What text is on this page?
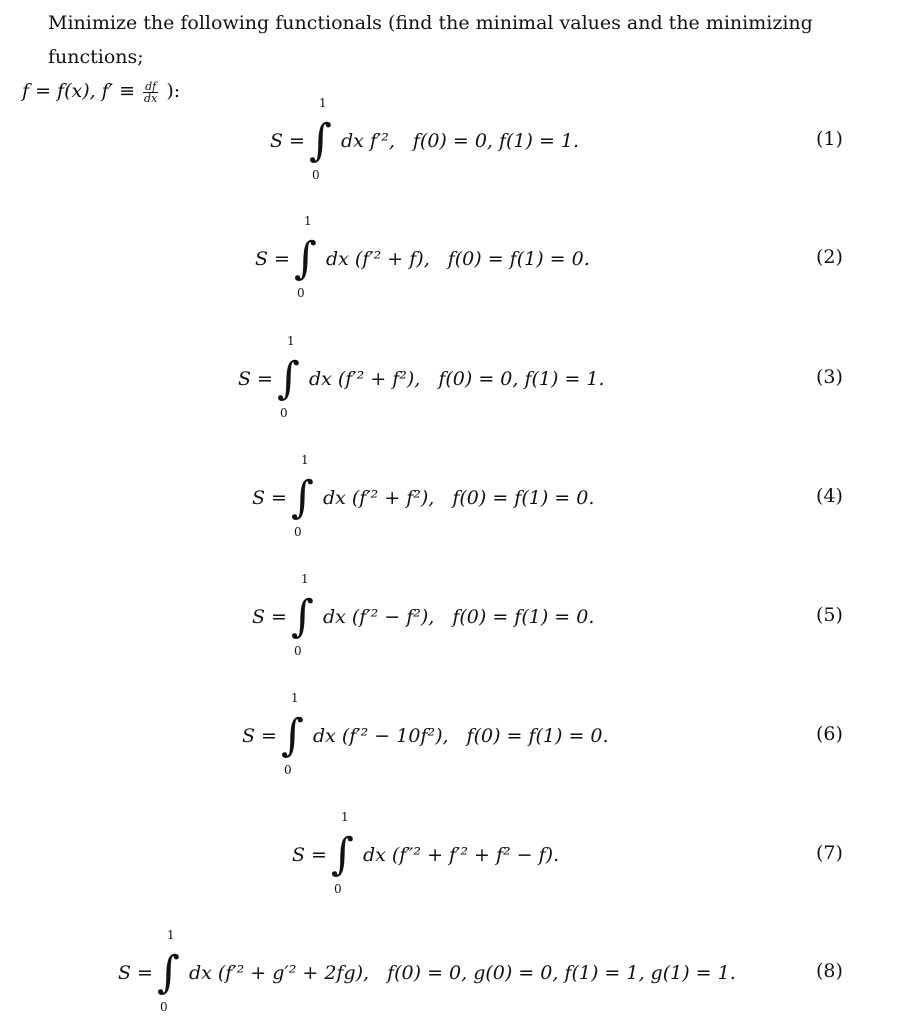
Minimize the following functionals (find the minimal values and the minimizing functions;
f = f(x), $f' \equiv \frac{df}{dx}$ ):
S =
1
∫
0
dx f′², f(0) = 0, f(1) = 1.	(1)
S =
1
∫
0
dx (f′² + f), f(0) = f(1) = 0.	(2)
S =
1
∫
0
dx (f′² + f²), f(0) = 0, f(1) = 1.	(3)
S =
1
∫
0
dx (f′² + f²), f(0) = f(1) = 0.	(4)
S =
1
∫
0
dx (f′² − f²), f(0) = f(1) = 0.	(5)
S =
1
∫
0
dx (f′² − 10f²), f(0) = f(1) = 0.	(6)
S =
1
∫
0
dx (f″² + f′² + f² − f).	(7)
S =
1
∫
0
dx (f′² + g′² + 2fg), f(0) = 0, g(0) = 0, f(1) = 1, g(1) = 1.	(8)
